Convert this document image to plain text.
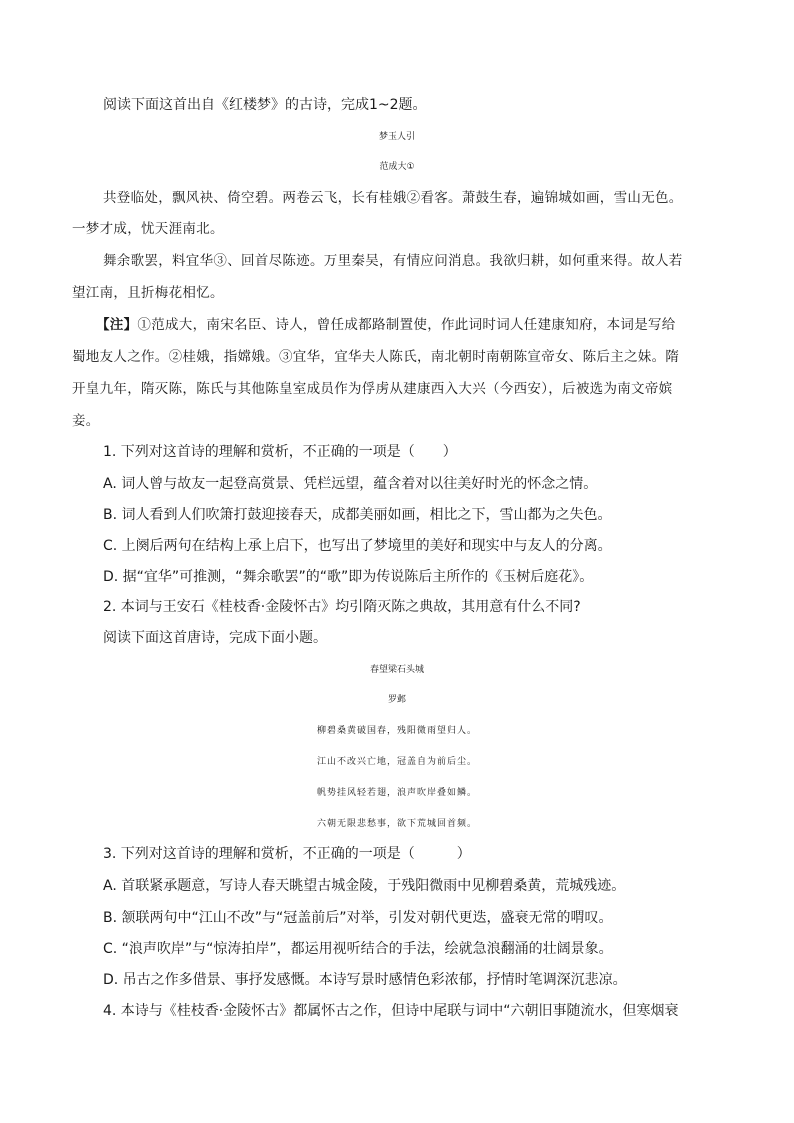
阅读下面这首出自《红楼梦》的古诗，完成1~2题。
梦玉人引
范成大①
共登临处，飘风袂、倚空碧。两卷云飞，长有桂娥②看客。萧鼓生春，遍锦城如画，雪山无色。
一梦才成，忧天涯南北。
舞余歌罢，料宜华③、回首尽陈迹。万里秦吴，有情应问消息。我欲归耕，如何重来得。故人若
望江南，且折梅花相忆。
【注】①范成大，南宋名臣、诗人，曾任成都路制置使，作此词时词人任建康知府，本词是写给
蜀地友人之作。②桂娥，指嫦娥。③宜华，宜华夫人陈氏，南北朝时南朝陈宣帝女、陈后主之妹。隋
开皇九年，隋灭陈，陈氏与其他陈皇室成员作为俘虏从建康西入大兴（今西安），后被选为南文帝嫔
妾。
1. 下列对这首诗的理解和赏析，不正确的一项是（　　）
A. 词人曾与故友一起登高赏景、凭栏远望，蕴含着对以往美好时光的怀念之情。
B. 词人看到人们吹箫打鼓迎接春天，成都美丽如画，相比之下，雪山都为之失色。
C. 上阕后两句在结构上承上启下，也写出了梦境里的美好和现实中与友人的分离。
D. 据“宜华”可推测，“舞余歌罢”的“歌”即为传说陈后主所作的《玉树后庭花》。
2. 本词与王安石《桂枝香·金陵怀古》均引隋灭陈之典故，其用意有什么不同?
阅读下面这首唐诗，完成下面小题。
春望梁石头城
罗邺
柳碧桑黄破国春，残阳微雨望归人。
江山不改兴亡地，冠盖自为前后尘。
帆势挂风轻若翅，浪声吹岸叠如鳞。
六朝无限悲愁事，欲下荒城回首频。
3. 下列对这首诗的理解和赏析，不正确的一项是（　　　）
A. 首联紧承题意，写诗人春天眺望古城金陵，于残阳微雨中见柳碧桑黄，荒城残迹。
B. 颔联两句中“江山不改”与“冠盖前后”对举，引发对朝代更迭，盛衰无常的喟叹。
C. “浪声吹岸”与“惊涛拍岸”，都运用视听结合的手法，绘就急浪翻涌的壮阔景象。
D. 吊古之作多借景、事抒发感慨。本诗写景时感情色彩浓郁，抒情时笔调深沉悲凉。
4. 本诗与《桂枝香·金陵怀古》都属怀古之作，但诗中尾联与词中“六朝旧事随流水，但寒烟衰
